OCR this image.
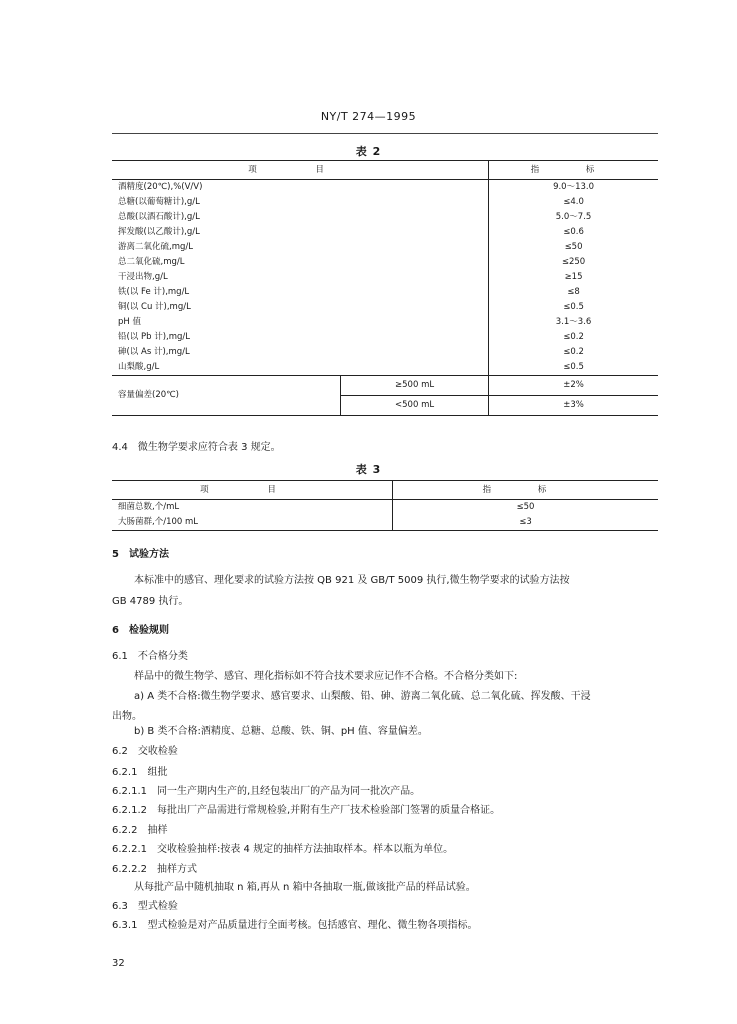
NY/T 274—1995
表 2
项 目		指 标
酒精度(20℃),%(V/V)		9.0～13.0
总糖(以葡萄糖计),g/L		≤4.0
总酸(以酒石酸计),g/L		5.0～7.5
挥发酸(以乙酸计),g/L		≤0.6
游离二氧化硫,mg/L		≤50
总二氧化硫,mg/L		≤250
干浸出物,g/L		≥15
铁(以 Fe 计),mg/L		≤8
铜(以 Cu 计),mg/L		≤0.5
pH 值		3.1～3.6
铅(以 Pb 计),mg/L		≤0.2
砷(以 As 计),mg/L		≤0.2
山梨酸,g/L		≤0.5
容量偏差(20℃)	≥500 mL	±2%
	<500 mL	±3%
4.4　微生物学要求应符合表 3 规定。
表 3
项 目	指 标
细菌总数,个/mL	≤50
大肠菌群,个/100 mL	≤3
5　试验方法
本标准中的感官、理化要求的试验方法按 QB 921 及 GB/T 5009 执行,微生物学要求的试验方法按
GB 4789 执行。
6　检验规则
6.1　不合格分类
样品中的微生物学、感官、理化指标如不符合技术要求应记作不合格。不合格分类如下:
a) A 类不合格:微生物学要求、感官要求、山梨酸、铅、砷、游离二氧化硫、总二氧化硫、挥发酸、干浸
出物。
b) B 类不合格:酒精度、总糖、总酸、铁、铜、pH 值、容量偏差。
6.2　交收检验
6.2.1　组批
6.2.1.1　同一生产期内生产的,且经包装出厂的产品为同一批次产品。
6.2.1.2　每批出厂产品需进行常规检验,并附有生产厂技术检验部门签署的质量合格证。
6.2.2　抽样
6.2.2.1　交收检验抽样:按表 4 规定的抽样方法抽取样本。样本以瓶为单位。
6.2.2.2　抽样方式
从每批产品中随机抽取 n 箱,再从 n 箱中各抽取一瓶,做该批产品的样品试验。
6.3　型式检验
6.3.1　型式检验是对产品质量进行全面考核。包括感官、理化、微生物各项指标。
32
